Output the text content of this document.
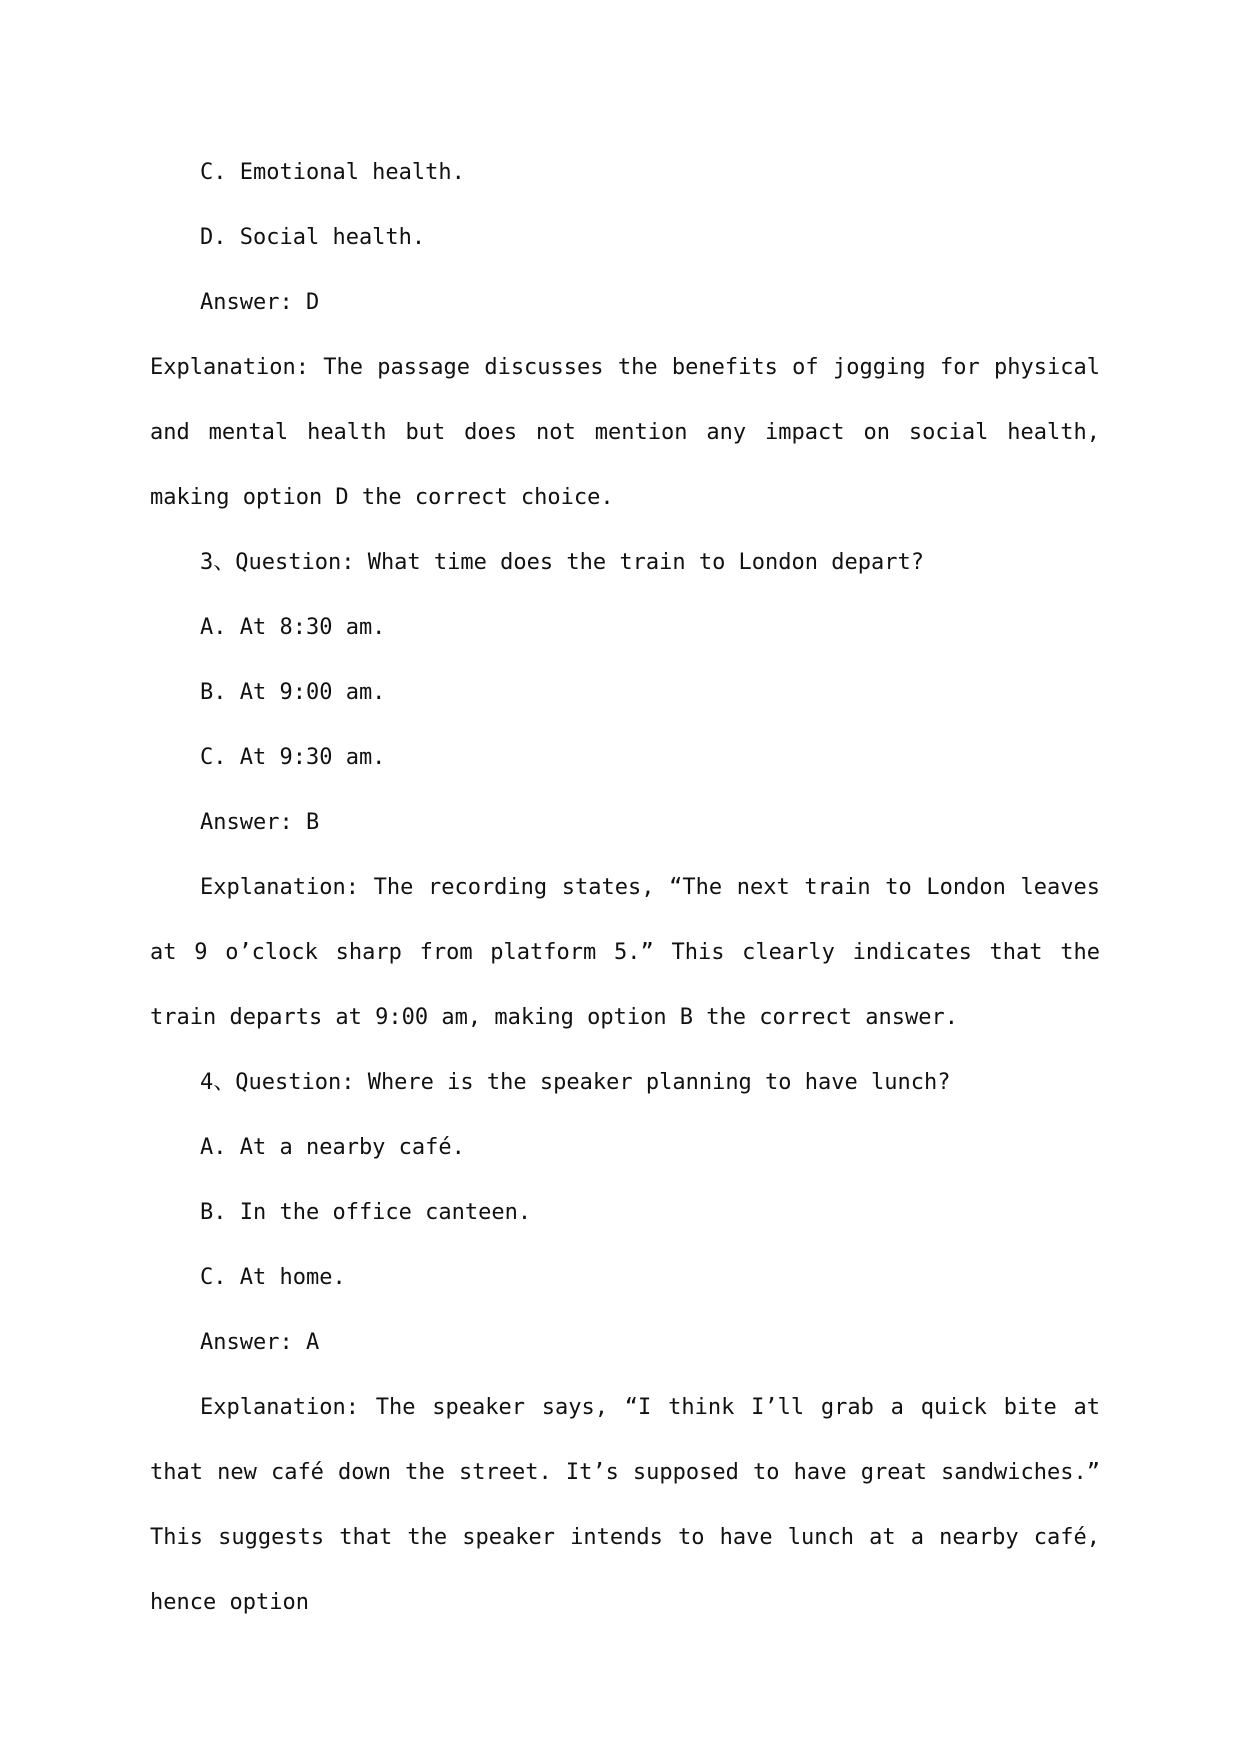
C. Emotional health.

D. Social health.

Answer: D

Explanation: The passage discusses the benefits of jogging for physical and mental health but does not mention any impact on social health, making option D the correct choice.

3、Question: What time does the train to London depart?

A. At 8:30 am.

B. At 9:00 am.

C. At 9:30 am.

Answer: B

Explanation: The recording states, “The next train to London leaves at 9 o’clock sharp from platform 5.” This clearly indicates that the train departs at 9:00 am, making option B the correct answer.

4、Question: Where is the speaker planning to have lunch?

A. At a nearby café.

B. In the office canteen.

C. At home.

Answer: A

Explanation: The speaker says, “I think I’ll grab a quick bite at that new café down the street. It’s supposed to have great sandwiches.” This suggests that the speaker intends to have lunch at a nearby café, hence option
